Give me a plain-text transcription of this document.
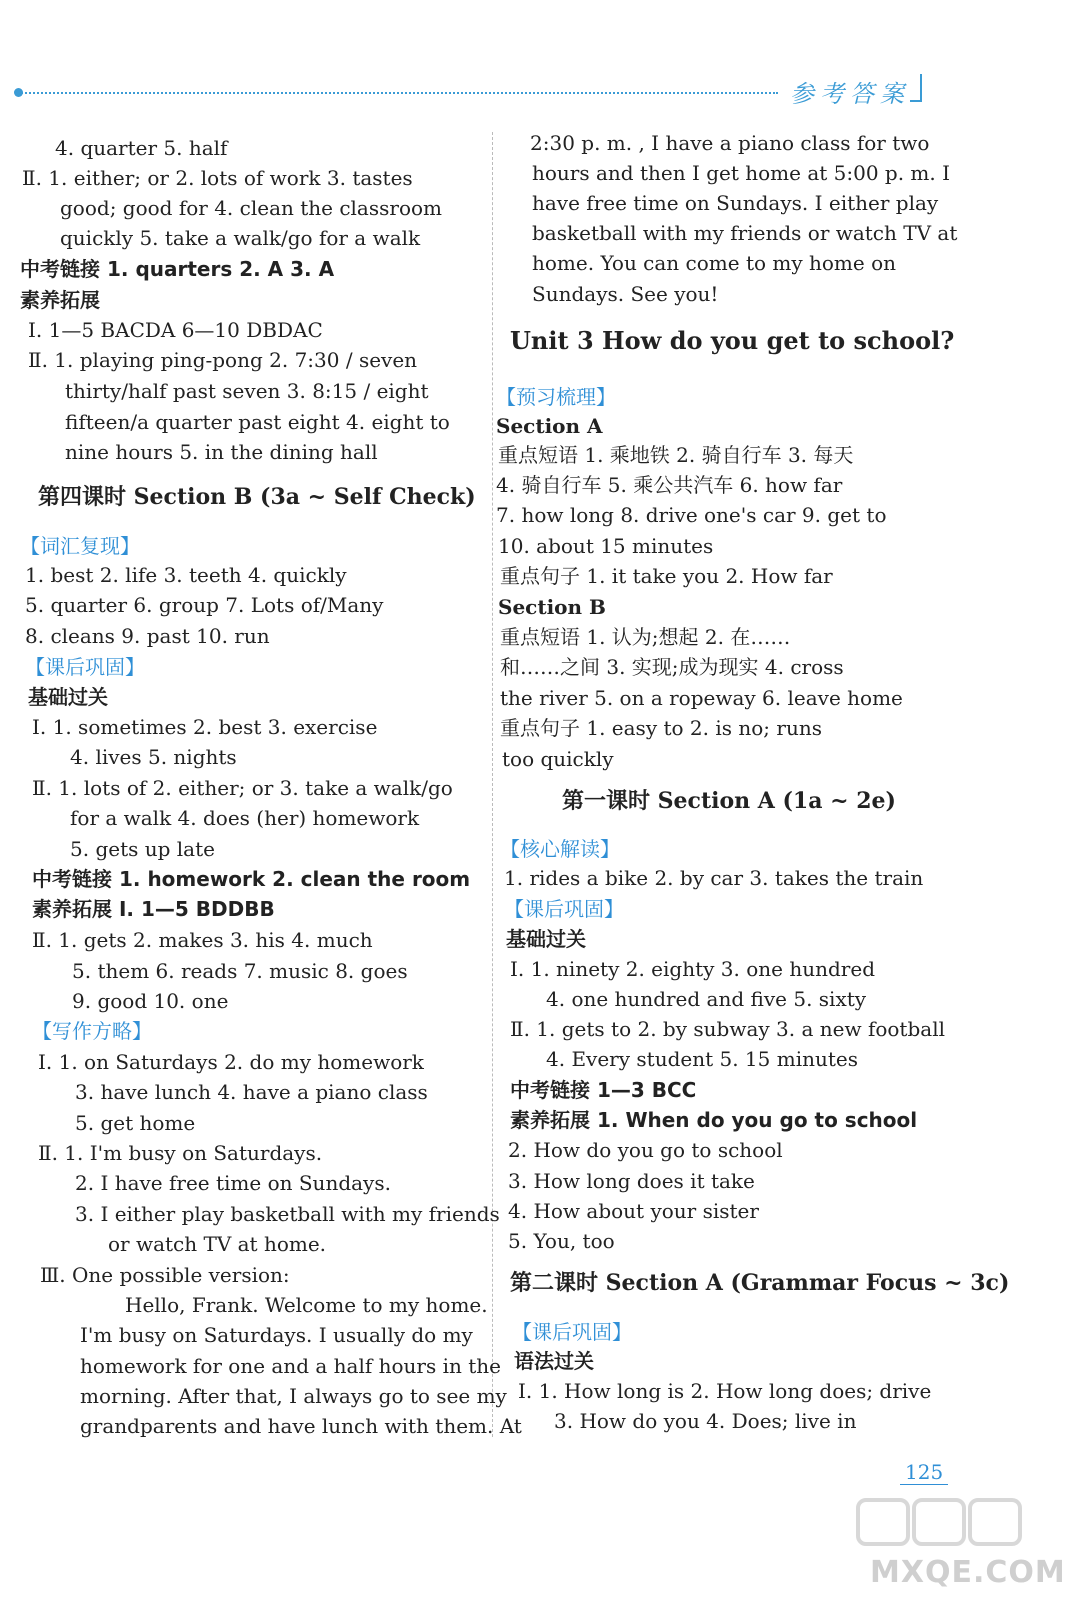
参考答案
4. quarter 5. half
Ⅱ. 1. either; or 2. lots of work 3. tastes
good; good for 4. clean the classroom
quickly 5. take a walk/go for a walk
中考链接 1. quarters 2. A 3. A
素养拓展
Ⅰ. 1—5 BACDA 6—10 DBDAC
Ⅱ. 1. playing ping-pong 2. 7:30 / seven
thirty/half past seven 3. 8:15 / eight
fifteen/a quarter past eight 4. eight to
nine hours 5. in the dining hall
第四课时 Section B (3a ~ Self Check)
【词汇复现】
1. best 2. life 3. teeth 4. quickly
5. quarter 6. group 7. Lots of/Many
8. cleans 9. past 10. run
【课后巩固】
基础过关
Ⅰ. 1. sometimes 2. best 3. exercise
4. lives 5. nights
Ⅱ. 1. lots of 2. either; or 3. take a walk/go
for a walk 4. does (her) homework
5. gets up late
中考链接 1. homework 2. clean the room
素养拓展 Ⅰ. 1—5 BDDBB
Ⅱ. 1. gets 2. makes 3. his 4. much
5. them 6. reads 7. music 8. goes
9. good 10. one
【写作方略】
Ⅰ. 1. on Saturdays 2. do my homework
3. have lunch 4. have a piano class
5. get home
Ⅱ. 1. I'm busy on Saturdays.
2. I have free time on Sundays.
3. I either play basketball with my friends
or watch TV at home.
Ⅲ. One possible version:
Hello, Frank. Welcome to my home.
I'm busy on Saturdays. I usually do my
homework for one and a half hours in the
morning. After that, I always go to see my
grandparents and have lunch with them. At
2:30 p. m. , I have a piano class for two
hours and then I get home at 5:00 p. m. I
have free time on Sundays. I either play
basketball with my friends or watch TV at
home. You can come to my home on
Sundays. See you!
Unit 3 How do you get to school?
【预习梳理】
Section A
重点短语 1. 乘地铁 2. 骑自行车 3. 每天
4. 骑自行车 5. 乘公共汽车 6. how far
7. how long 8. drive one's car 9. get to
10. about 15 minutes
重点句子 1. it take you 2. How far
Section B
重点短语 1. 认为;想起 2. 在……
和……之间 3. 实现;成为现实 4. cross
the river 5. on a ropeway 6. leave home
重点句子 1. easy to 2. is no; runs
too quickly
第一课时 Section A (1a ~ 2e)
【核心解读】
1. rides a bike 2. by car 3. takes the train
【课后巩固】
基础过关
Ⅰ. 1. ninety 2. eighty 3. one hundred
4. one hundred and five 5. sixty
Ⅱ. 1. gets to 2. by subway 3. a new football
4. Every student 5. 15 minutes
中考链接 1—3 BCC
素养拓展 1. When do you go to school
2. How do you go to school
3. How long does it take
4. How about your sister
5. You, too
第二课时 Section A (Grammar Focus ~ 3c)
【课后巩固】
语法过关
Ⅰ. 1. How long is 2. How long does; drive
3. How do you 4. Does; live in
125
MXQE.COM
